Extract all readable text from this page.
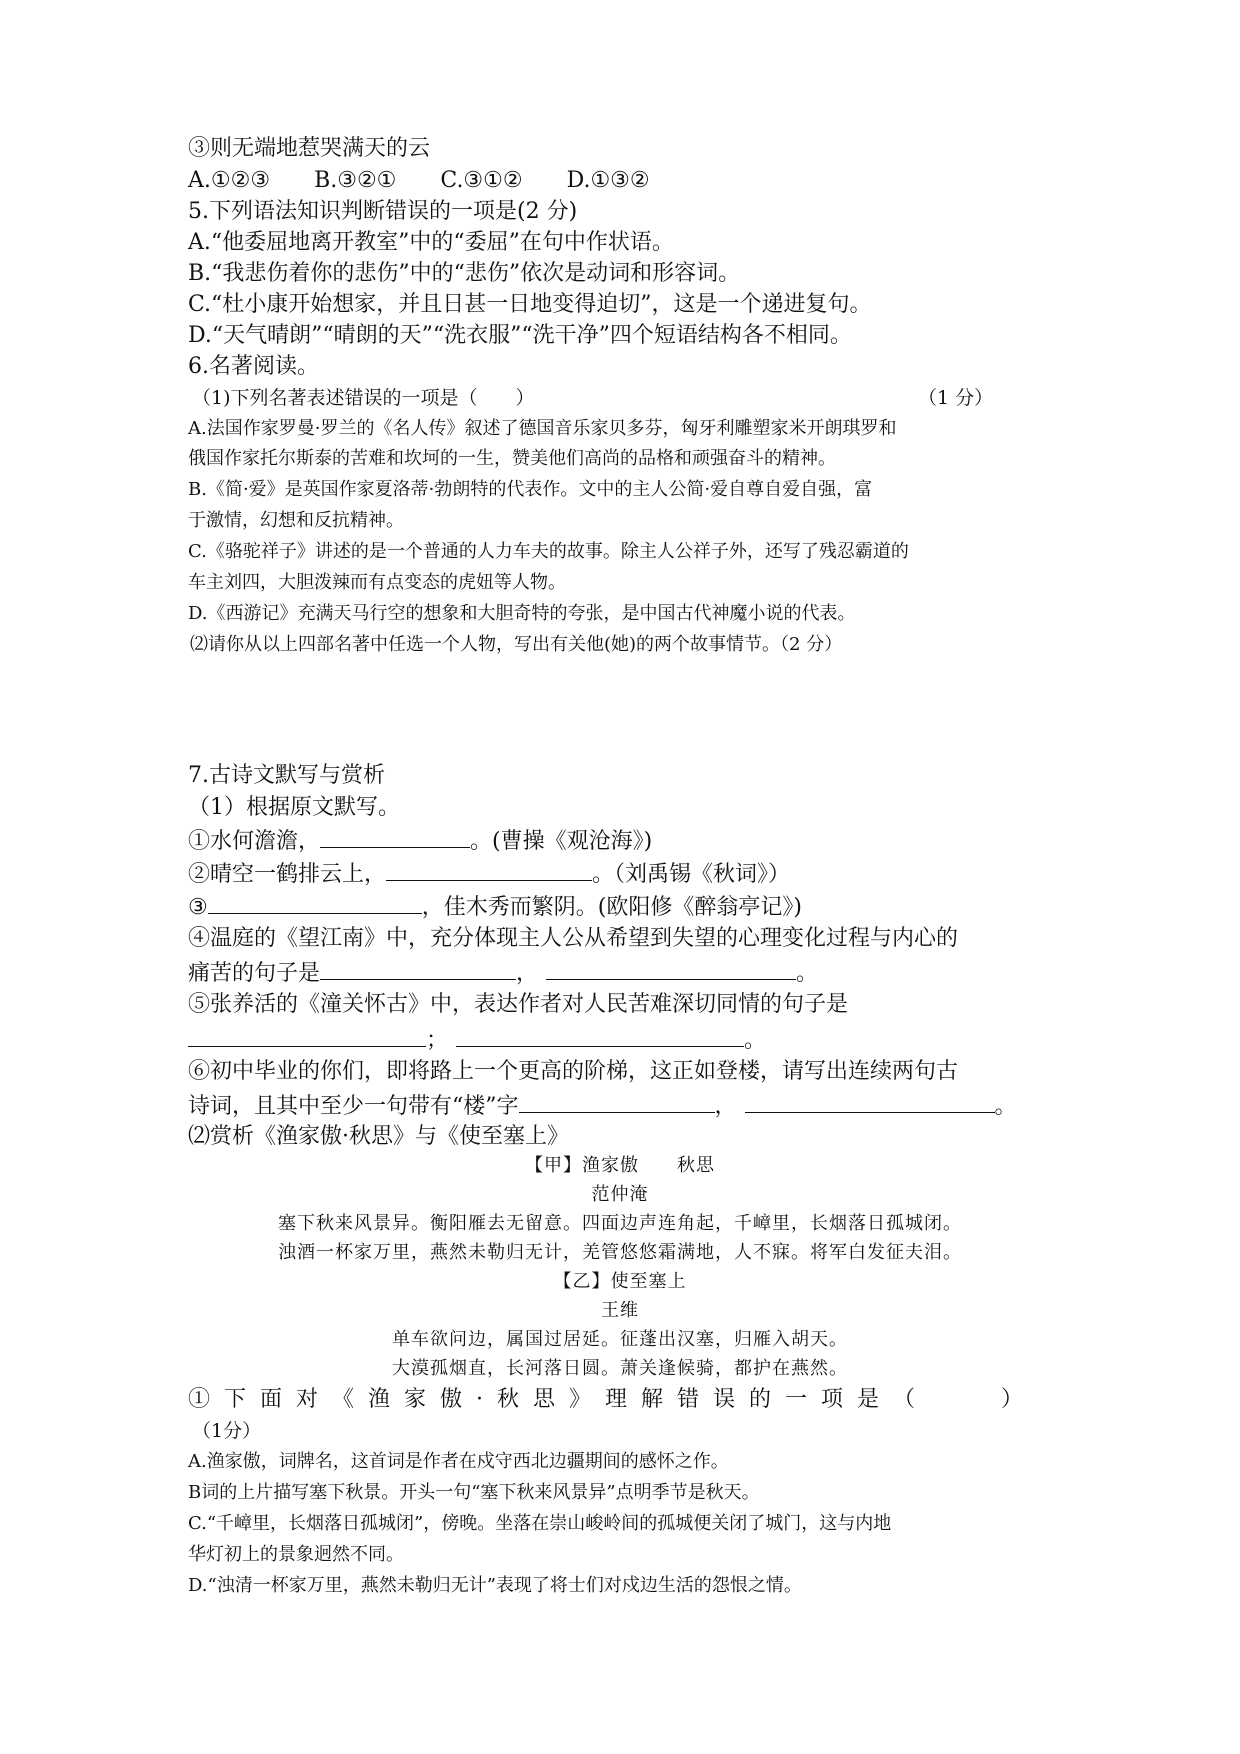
③则无端地惹哭满天的云
A.①②③ B.③②① C.③①② D.①③②
5.下列语法知识判断错误的一项是(2 分)
A.“他委屈地离开教室”中的“委屈”在句中作状语。
B.“我悲伤着你的悲伤”中的“悲伤”依次是动词和形容词。
C.“杜小康开始想家，并且日甚一日地变得迫切”，这是一个递进复句。
D.“天气晴朗”“晴朗的天”“洗衣服”“洗干净”四个短语结构各不相同。
6.名著阅读。
（1)下列名著表述错误的一项是（　　）	（1 分）
A.法国作家罗曼·罗兰的《名人传》叙述了德国音乐家贝多芬，匈牙利雕塑家米开朗琪罗和
俄国作家托尔斯泰的苦难和坎坷的一生，赞美他们高尚的品格和顽强奋斗的精神。
B.《简·爱》是英国作家夏洛蒂·勃朗特的代表作。文中的主人公简·爱自尊自爱自强，富
于激情，幻想和反抗精神。
C.《骆驼祥子》讲述的是一个普通的人力车夫的故事。除主人公祥子外，还写了残忍霸道的
车主刘四，大胆泼辣而有点变态的虎妞等人物。
D.《西游记》充满天马行空的想象和大胆奇特的夸张，是中国古代神魔小说的代表。
⑵请你从以上四部名著中任选一个人物，写出有关他(她)的两个故事情节。（2 分）
7.古诗文默写与赏析
（1）根据原文默写。
①水何澹澹，	。(曹操《观沧海》)
②晴空一鹤排云上，	。（刘禹锡《秋词》）
③	，佳木秀而繁阴。(欧阳修《醉翁亭记》)
④温庭的《望江南》中，充分体现主人公从希望到失望的心理变化过程与内心的
痛苦的句子是	，	。
⑤张养活的《潼关怀古》中，表达作者对人民苦难深切同情的句子是
；	。
⑥初中毕业的你们，即将路上一个更高的阶梯，这正如登楼，请写出连续两句古
诗词，且其中至少一句带有“楼”字	，	。
⑵赏析《渔家傲·秋思》与《使至塞上》
【甲】渔家傲　　秋思
范仲淹
塞下秋来风景异。衡阳雁去无留意。四面边声连角起，千嶂里，长烟落日孤城闭。
浊酒一杯家万里，燕然未勒归无计，羌管悠悠霜满地，人不寐。将军白发征夫泪。
【乙】使至塞上
王维
单车欲问边，属国过居延。征蓬出汉塞，归雁入胡天。
大漠孤烟直，长河落日圆。萧关逢候骑，都护在燕然。
①下面对《渔家傲·秋思》理解错误的一项是（　　）
（1分）
A.渔家傲，词牌名，这首词是作者在戍守西北边疆期间的感怀之作。
B词的上片描写塞下秋景。开头一句“塞下秋来风景异”点明季节是秋天。
C.“千嶂里，长烟落日孤城闭”，傍晚。坐落在崇山峻岭间的孤城便关闭了城门，这与内地
华灯初上的景象迥然不同。
D.“浊清一杯家万里，燕然未勒归无计”表现了将士们对戍边生活的怨恨之情。
